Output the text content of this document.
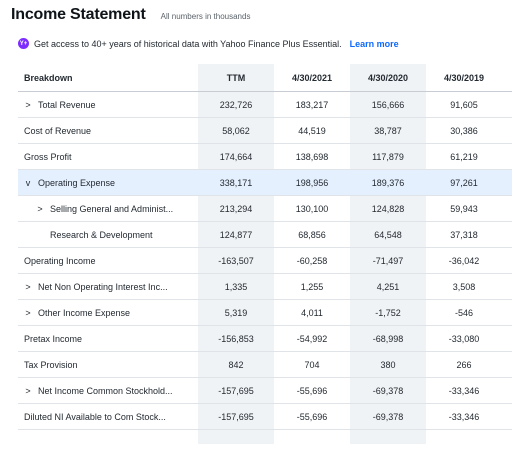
Income Statement All numbers in thousands
Y+ Get access to 40+ years of historical data with Yahoo Finance Plus Essential. Learn more
Breakdown	TTM	4/30/2021	4/30/2020	4/30/2019
> Total Revenue	232,726	183,217	156,666	91,605
Cost of Revenue	58,062	44,519	38,787	30,386
Gross Profit	174,664	138,698	117,879	61,219
v Operating Expense	338,171	198,956	189,376	97,261
> Selling General and Administ...	213,294	130,100	124,828	59,943
Research & Development	124,877	68,856	64,548	37,318
Operating Income	-163,507	-60,258	-71,497	-36,042
> Net Non Operating Interest Inc...	1,335	1,255	4,251	3,508
> Other Income Expense	5,319	4,011	-1,752	-546
Pretax Income	-156,853	-54,992	-68,998	-33,080
Tax Provision	842	704	380	266
> Net Income Common Stockhold...	-157,695	-55,696	-69,378	-33,346
Diluted NI Available to Com Stock...	-157,695	-55,696	-69,378	-33,346
